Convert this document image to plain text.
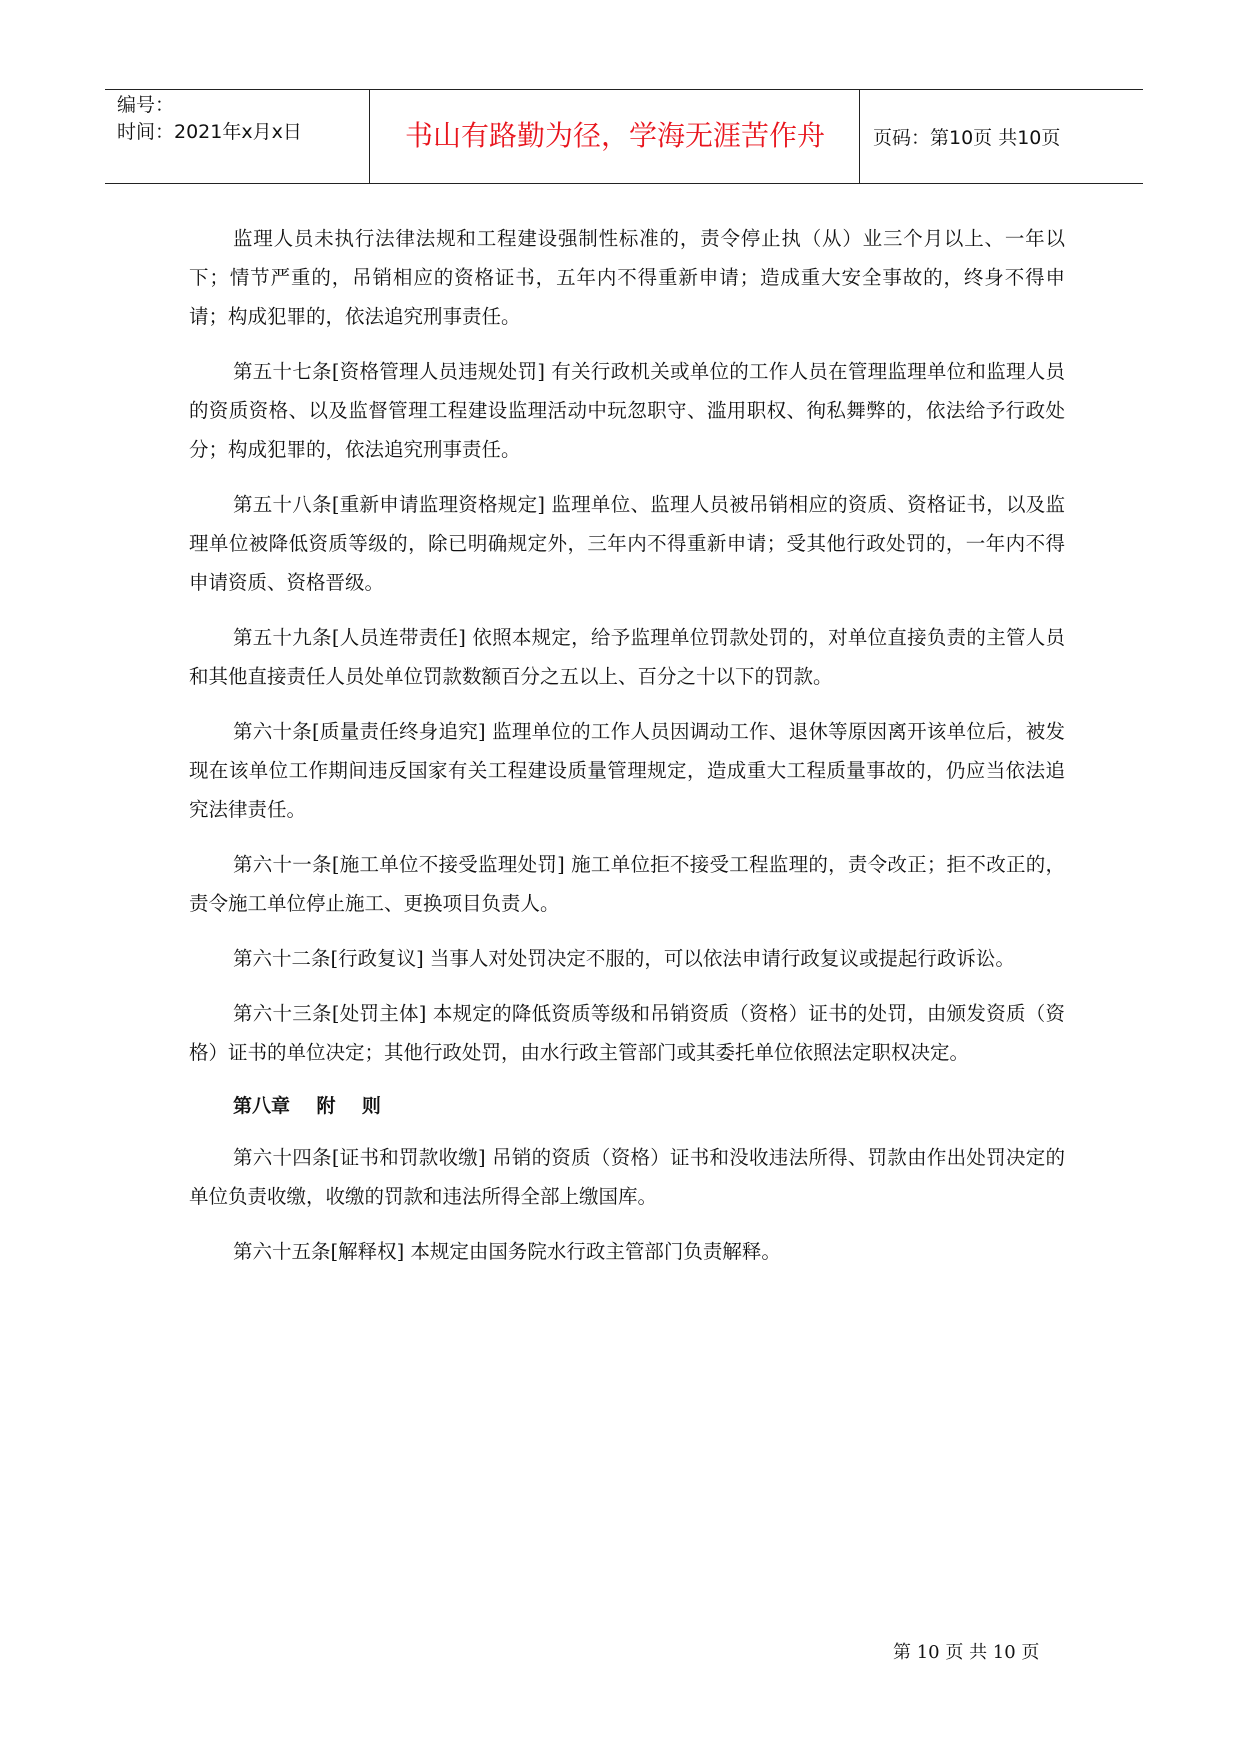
编号：
时间：2021年x月x日	书山有路勤为径，学海无涯苦作舟	页码：第10页 共10页

监理人员未执行法律法规和工程建设强制性标准的，责令停止执（从）业三个月以上、一年以下；情节严重的，吊销相应的资格证书，五年内不得重新申请；造成重大安全事故的，终身不得申请；构成犯罪的，依法追究刑事责任。

第五十七条[资格管理人员违规处罚] 有关行政机关或单位的工作人员在管理监理单位和监理人员的资质资格、以及监督管理工程建设监理活动中玩忽职守、滥用职权、徇私舞弊的，依法给予行政处分；构成犯罪的，依法追究刑事责任。

第五十八条[重新申请监理资格规定] 监理单位、监理人员被吊销相应的资质、资格证书，以及监理单位被降低资质等级的，除已明确规定外，三年内不得重新申请；受其他行政处罚的，一年内不得申请资质、资格晋级。

第五十九条[人员连带责任] 依照本规定，给予监理单位罚款处罚的，对单位直接负责的主管人员和其他直接责任人员处单位罚款数额百分之五以上、百分之十以下的罚款。

第六十条[质量责任终身追究] 监理单位的工作人员因调动工作、退休等原因离开该单位后，被发现在该单位工作期间违反国家有关工程建设质量管理规定，造成重大工程质量事故的，仍应当依法追究法律责任。

第六十一条[施工单位不接受监理处罚] 施工单位拒不接受工程监理的，责令改正；拒不改正的，责令施工单位停止施工、更换项目负责人。

第六十二条[行政复议] 当事人对处罚决定不服的，可以依法申请行政复议或提起行政诉讼。

第六十三条[处罚主体] 本规定的降低资质等级和吊销资质（资格）证书的处罚，由颁发资质（资格）证书的单位决定；其他行政处罚，由水行政主管部门或其委托单位依照法定职权决定。

第八章    附    则

第六十四条[证书和罚款收缴] 吊销的资质（资格）证书和没收违法所得、罚款由作出处罚决定的单位负责收缴，收缴的罚款和违法所得全部上缴国库。

第六十五条[解释权] 本规定由国务院水行政主管部门负责解释。

第 10 页 共 10 页
